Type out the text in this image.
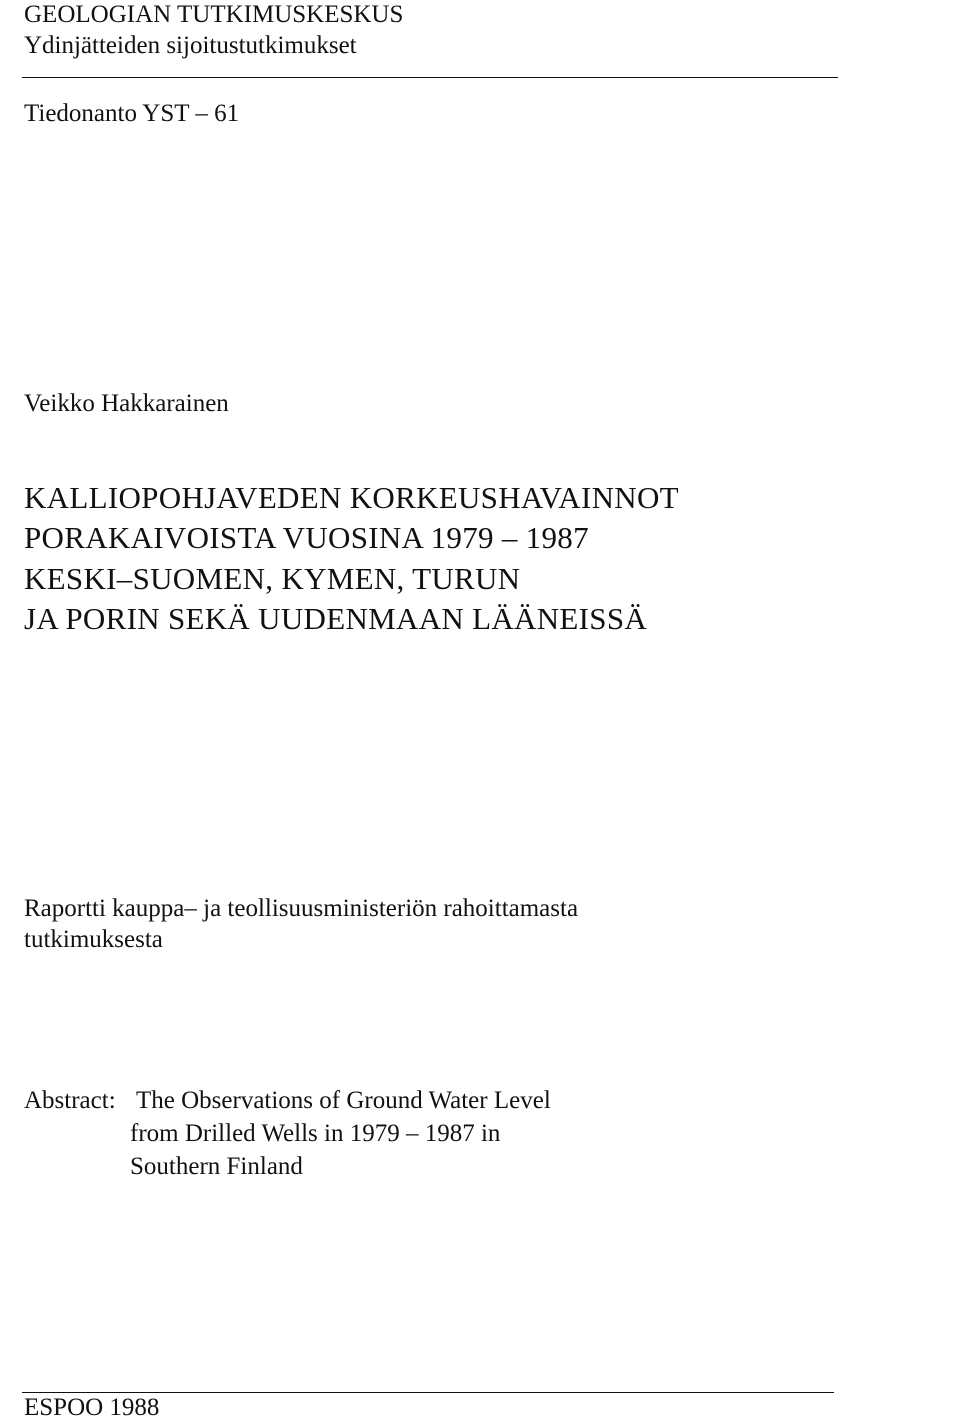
GEOLOGIAN TUTKIMUSKESKUS
Ydinjätteiden sijoitustutkimukset
Tiedonanto YST – 61
Veikko Hakkarainen
KALLIOPOHJAVEDEN KORKEUSHAVAINNOT
PORAKAIVOISTA VUOSINA 1979 – 1987
KESKI–SUOMEN, KYMEN, TURUN
JA PORIN SEKÄ UUDENMAAN LÄÄNEISSÄ
Raportti kauppa– ja teollisuusministeriön rahoittamasta
tutkimuksesta
Abstract: The Observations of Ground Water Level
from Drilled Wells in 1979 – 1987 in
Southern Finland
ESPOO 1988
